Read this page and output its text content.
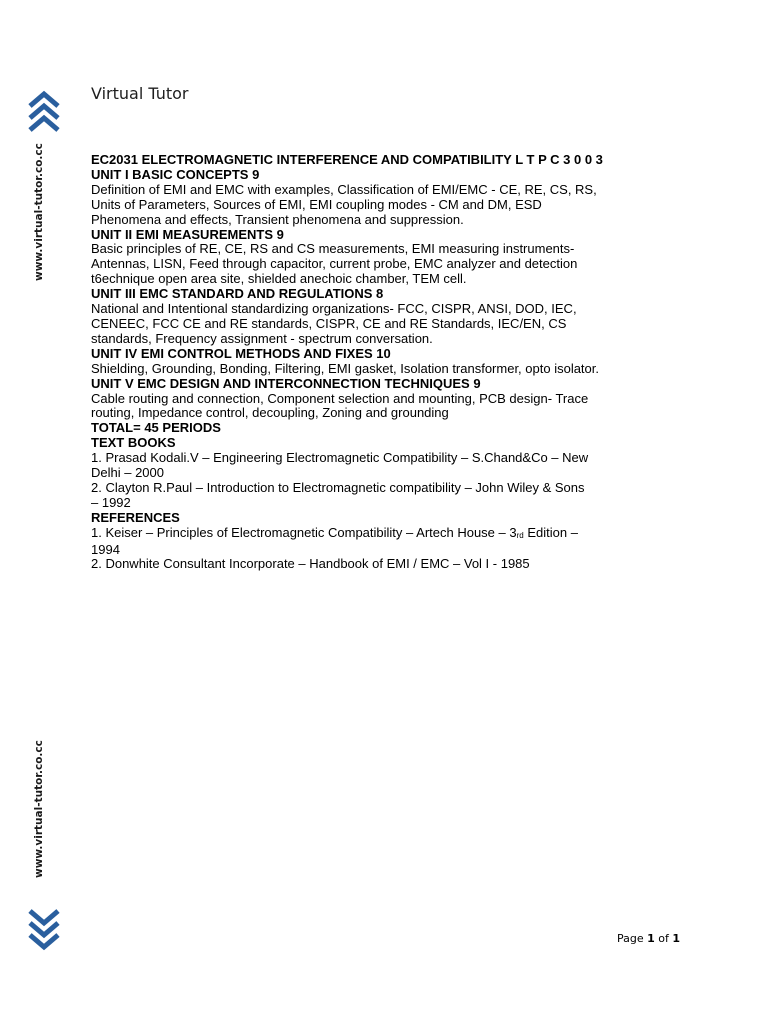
www.virtual-tutor.co.cc
Virtual Tutor

EC2031 ELECTROMAGNETIC INTERFERENCE AND COMPATIBILITY L T P C 3 0 0 3

UNIT I BASIC CONCEPTS 9

Definition of EMI and EMC with examples, Classification of EMI/EMC - CE, RE, CS, RS,

Units of Parameters, Sources of EMI, EMI coupling modes - CM and DM, ESD

Phenomena and effects, Transient phenomena and suppression.

UNIT II EMI MEASUREMENTS 9

Basic principles of RE, CE, RS and CS measurements, EMI measuring instruments-

Antennas, LISN, Feed through capacitor, current probe, EMC analyzer and detection

t6echnique open area site, shielded anechoic chamber, TEM cell.

UNIT III EMC STANDARD AND REGULATIONS 8

National and Intentional standardizing organizations- FCC, CISPR, ANSI, DOD, IEC,

CENEEC, FCC CE and RE standards, CISPR, CE and RE Standards, IEC/EN, CS

standards, Frequency assignment - spectrum conversation.

UNIT IV EMI CONTROL METHODS AND FIXES 10

Shielding, Grounding, Bonding, Filtering, EMI gasket, Isolation transformer, opto isolator.

UNIT V EMC DESIGN AND INTERCONNECTION TECHNIQUES 9

Cable routing and connection, Component selection and mounting, PCB design- Trace

routing, Impedance control, decoupling, Zoning and grounding

TOTAL= 45 PERIODS

TEXT BOOKS

1. Prasad Kodali.V – Engineering Electromagnetic Compatibility – S.Chand&Co – New

Delhi – 2000

2. Clayton R.Paul – Introduction to Electromagnetic compatibility – John Wiley & Sons

– 1992

REFERENCES

1. Keiser – Principles of Electromagnetic Compatibility – Artech House – $3_{rd}$ Edition –

1994

2. Donwhite Consultant Incorporate – Handbook of EMI / EMC – Vol I - 1985

www.virtual-tutor.co.cc
Page 1 of 1
